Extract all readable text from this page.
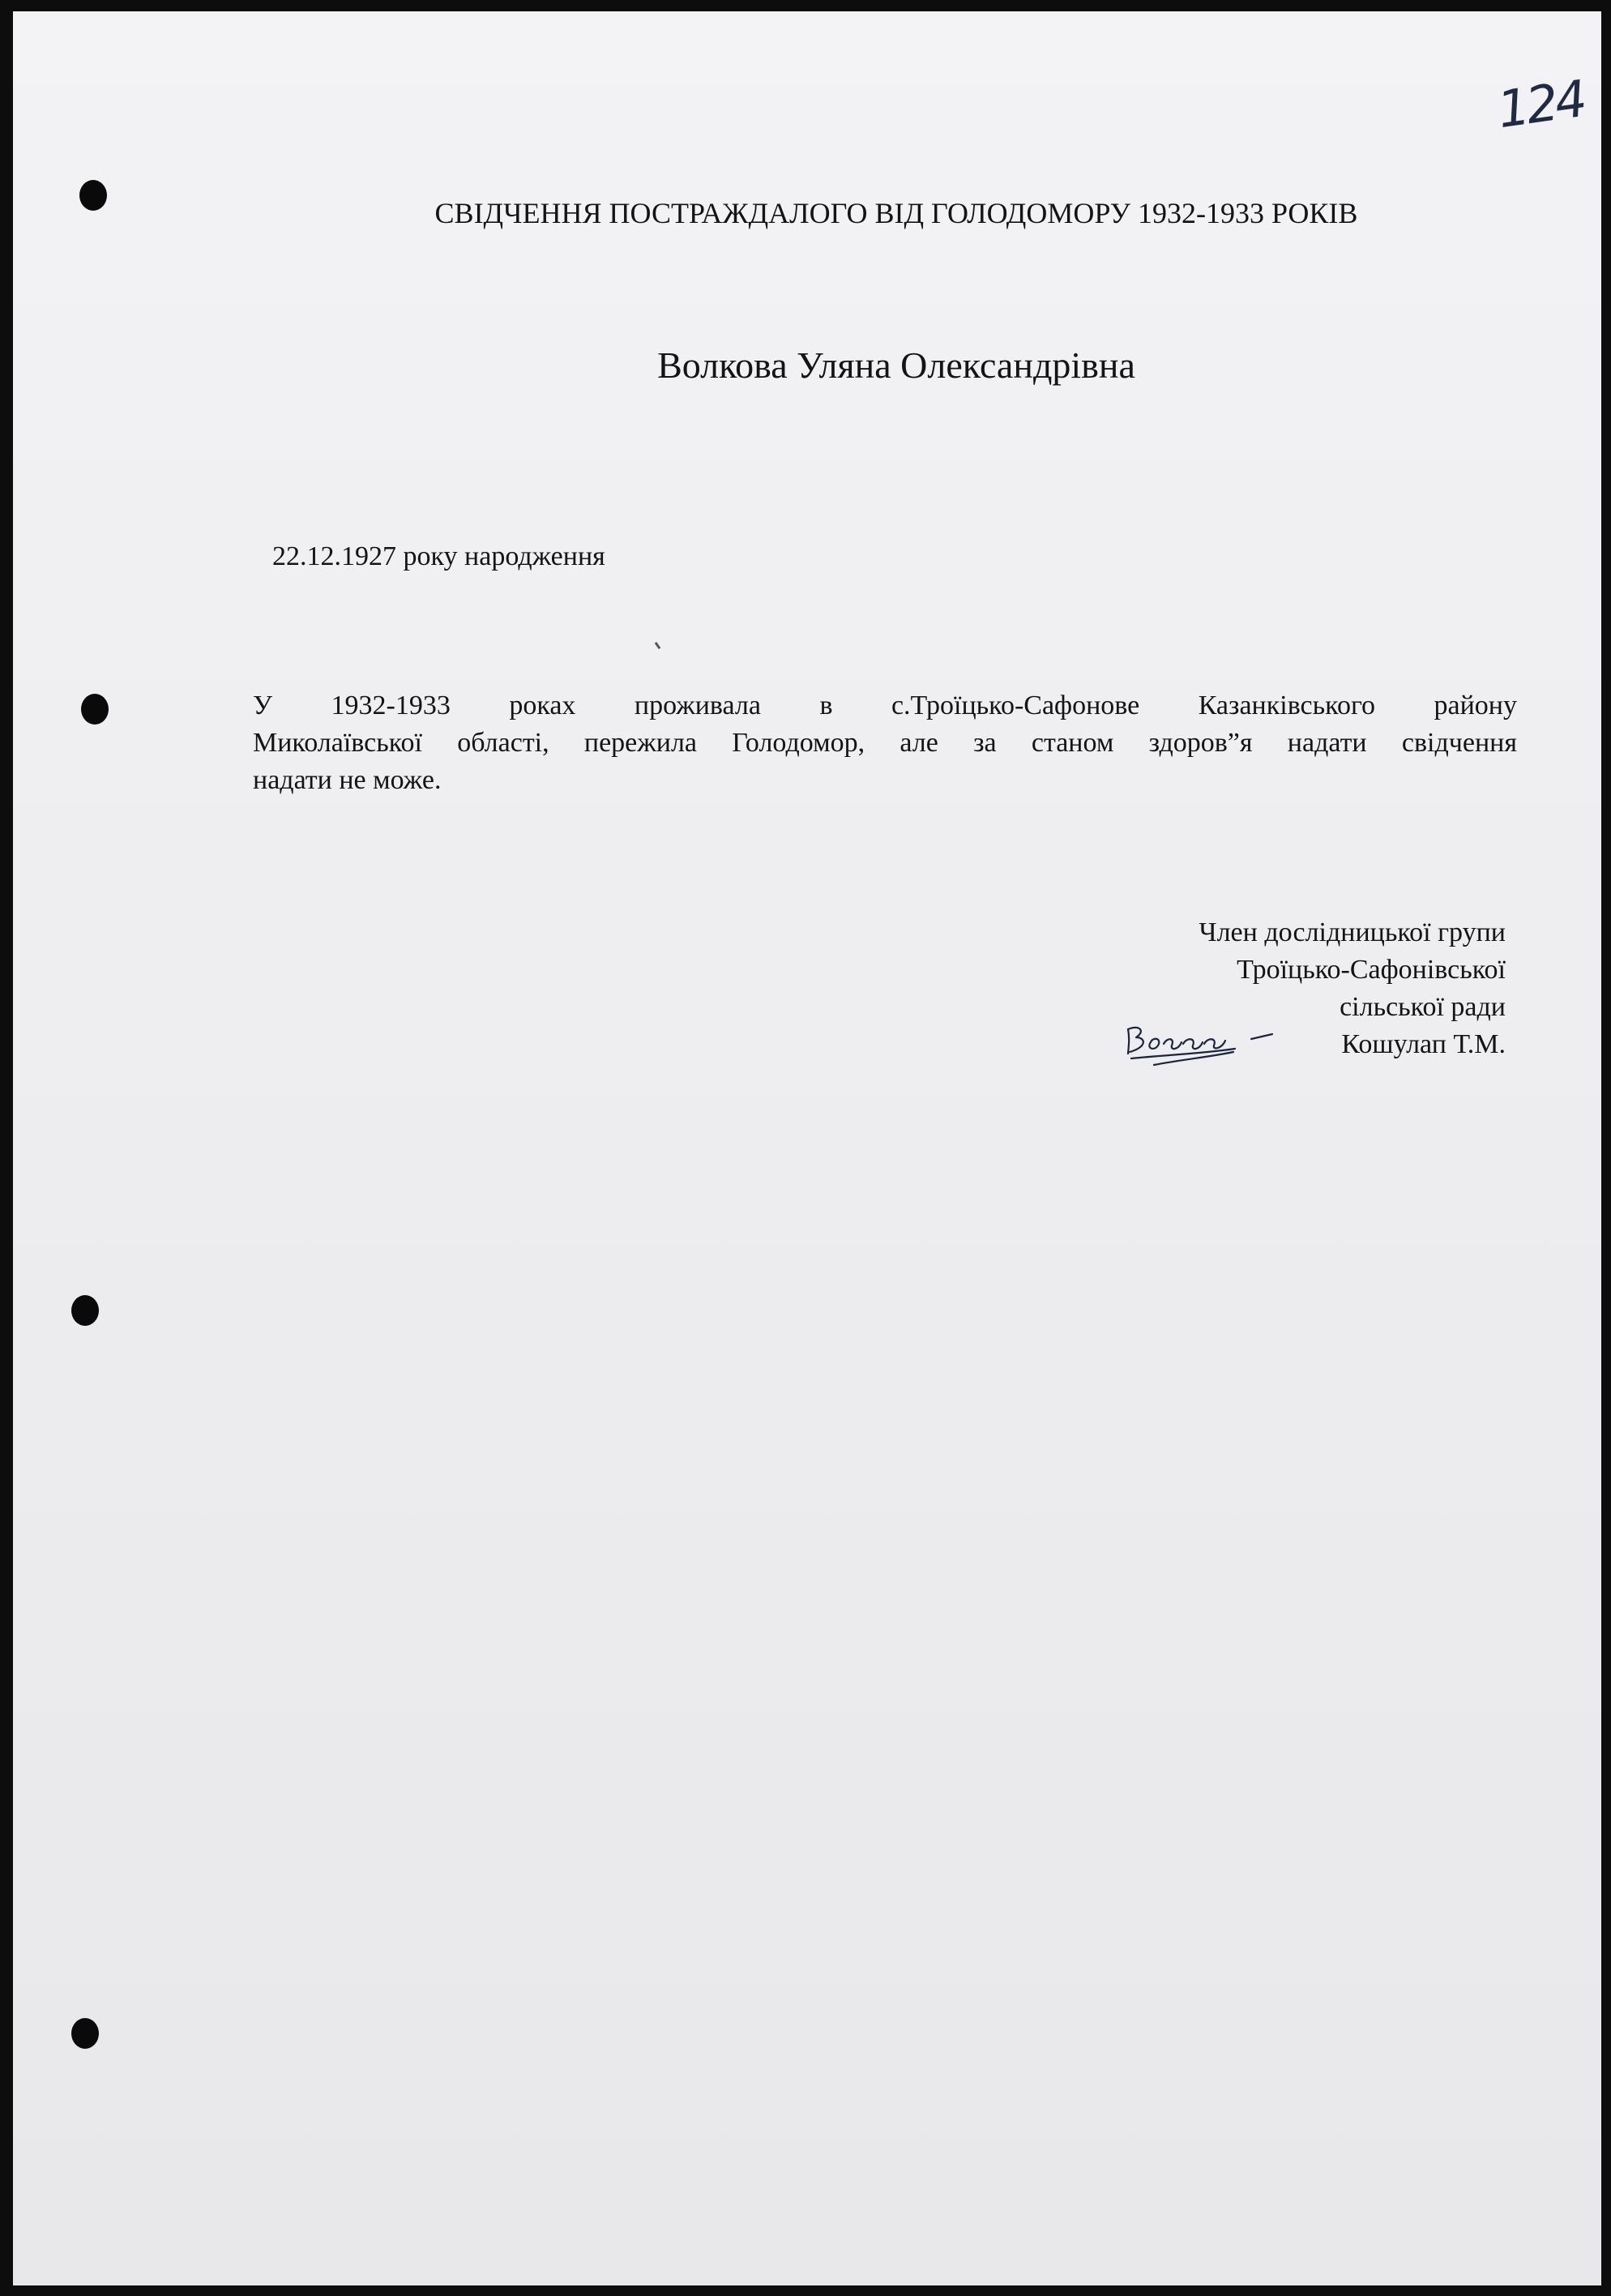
124
СВІДЧЕННЯ ПОСТРАЖДАЛОГО ВІД ГОЛОДОМОРУ 1932-1933 РОКІВ
Волкова Уляна Олександрівна
22.12.1927 року народження
У 1932-1933 роках проживала в с.Троїцько-Сафонове Казанківського району
Миколаївської області, пережила Голодомор, але за станом здоров”я надати свідчення
надати не може.
Член дослідницької групи
Троїцько-Сафонівської
сільської ради
Кошулап Т.М.
